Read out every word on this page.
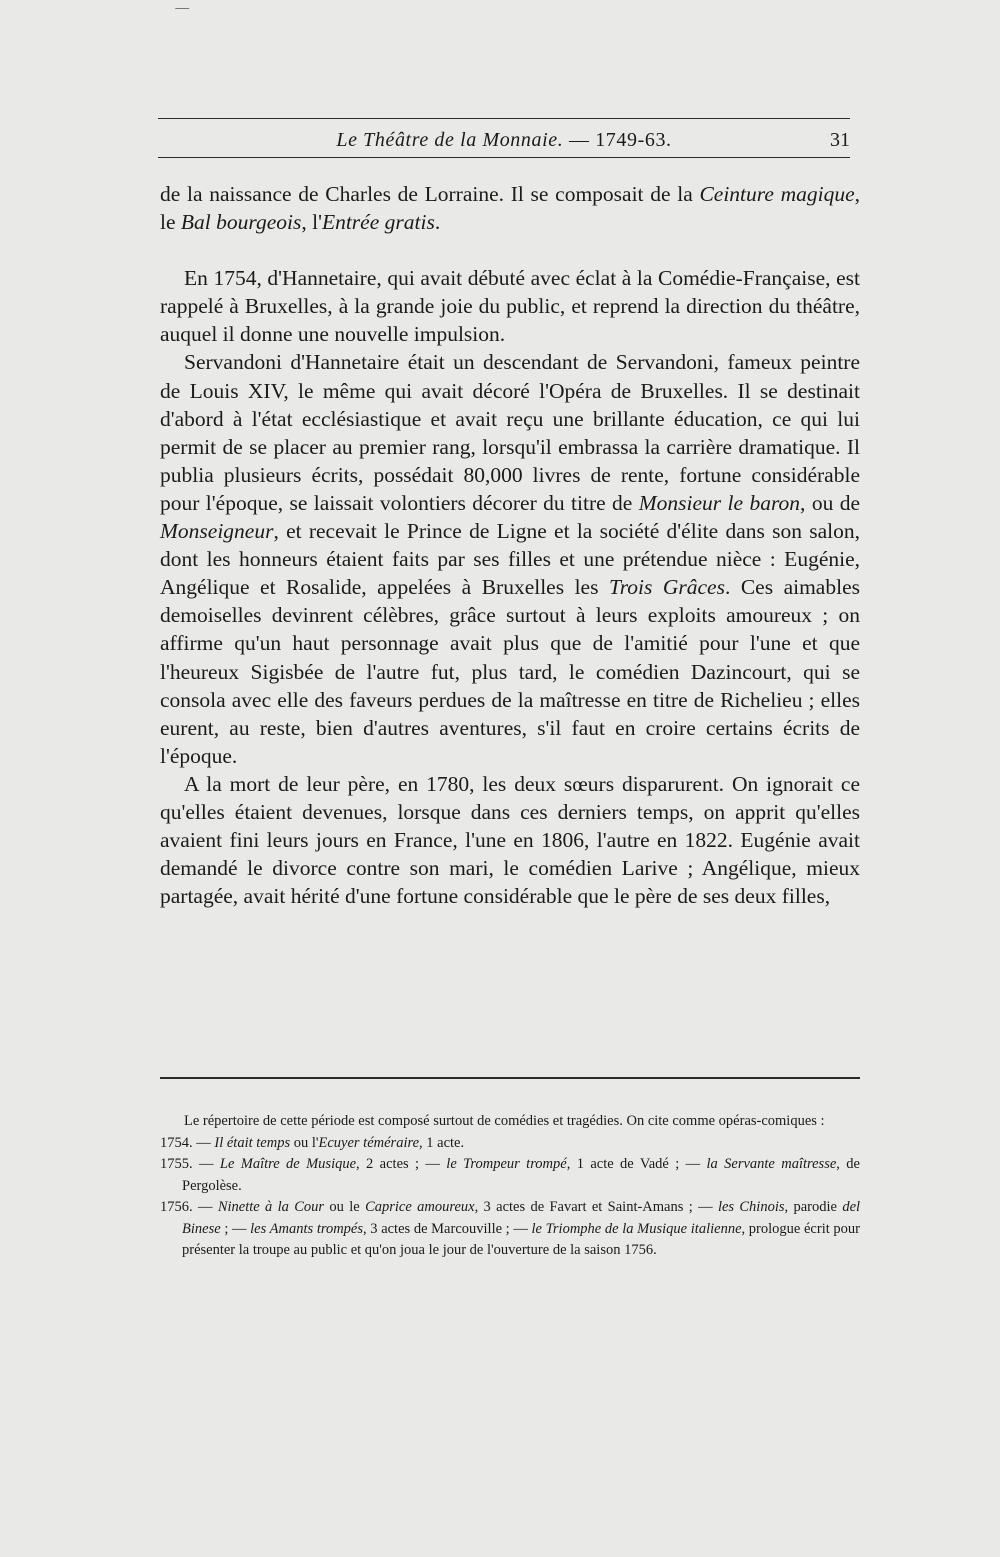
Le Théâtre de la Monnaie. — 1749-63.	31

de la naissance de Charles de Lorraine. Il se composait de la Ceinture magique, le Bal bourgeois, l'Entrée gratis.

En 1754, d'Hannetaire, qui avait débuté avec éclat à la Comédie-Française, est rappelé à Bruxelles, à la grande joie du public, et reprend la direction du théâtre, auquel il donne une nouvelle impulsion.

Servandoni d'Hannetaire était un descendant de Servandoni, fameux peintre de Louis XIV, le même qui avait décoré l'Opéra de Bruxelles. Il se destinait d'abord à l'état ecclésiastique et avait reçu une brillante éducation, ce qui lui permit de se placer au premier rang, lorsqu'il embrassa la carrière dramatique. Il publia plusieurs écrits, possédait 80,000 livres de rente, fortune considérable pour l'époque, se laissait volontiers décorer du titre de Monsieur le baron, ou de Monseigneur, et recevait le Prince de Ligne et la société d'élite dans son salon, dont les honneurs étaient faits par ses filles et une prétendue nièce : Eugénie, Angélique et Rosalide, appelées à Bruxelles les Trois Grâces. Ces aimables demoiselles devinrent célèbres, grâce surtout à leurs exploits amoureux ; on affirme qu'un haut personnage avait plus que de l'amitié pour l'une et que l'heureux Sigisbée de l'autre fut, plus tard, le comédien Dazincourt, qui se consola avec elle des faveurs perdues de la maîtresse en titre de Richelieu ; elles eurent, au reste, bien d'autres aventures, s'il faut en croire certains écrits de l'époque.

A la mort de leur père, en 1780, les deux sœurs disparurent. On ignorait ce qu'elles étaient devenues, lorsque dans ces derniers temps, on apprit qu'elles avaient fini leurs jours en France, l'une en 1806, l'autre en 1822. Eugénie avait demandé le divorce contre son mari, le comédien Larive ; Angélique, mieux partagée, avait hérité d'une fortune considérable que le père de ses deux filles,

Le répertoire de cette période est composé surtout de comédies et tragédies. On cite comme opéras-comiques :

1754. — Il était temps ou l'Ecuyer téméraire, 1 acte.

1755. — Le Maître de Musique, 2 actes ; — le Trompeur trompé, 1 acte de Vadé ; — la Servante maîtresse, de Pergolèse.

1756. — Ninette à la Cour ou le Caprice amoureux, 3 actes de Favart et Saint-Amans ; — les Chinois, parodie del Binese ; — les Amants trompés, 3 actes de Marcouville ; — le Triomphe de la Musique italienne, prologue écrit pour présenter la troupe au public et qu'on joua le jour de l'ouverture de la saison 1756.
